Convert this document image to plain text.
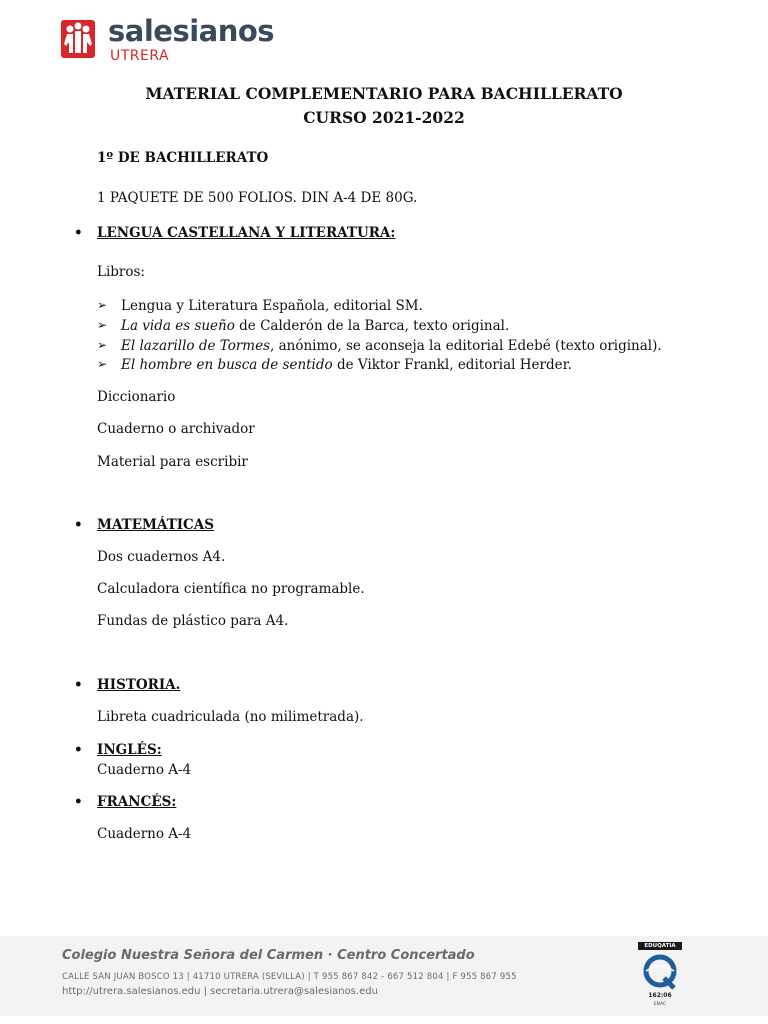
salesianos
UTRERA
MATERIAL COMPLEMENTARIO PARA BACHILLERATO
CURSO 2021-2022
1º DE BACHILLERATO
1 PAQUETE DE 500 FOLIOS. DIN A-4 DE 80G.
• LENGUA CASTELLANA Y LITERATURA:
Libros:
➢ Lengua y Literatura Española, editorial SM.
➢ La vida es sueño de Calderón de la Barca, texto original.
➢ El lazarillo de Tormes, anónimo, se aconseja la editorial Edebé (texto original).
➢ El hombre en busca de sentido de Viktor Frankl, editorial Herder.
Diccionario
Cuaderno o archivador
Material para escribir
• MATEMÁTICAS
Dos cuadernos A4.
Calculadora científica no programable.
Fundas de plástico para A4.
• HISTORIA.
Libreta cuadriculada (no milimetrada).
• INGLÉS:
Cuaderno A-4
• FRANCÉS:
Cuaderno A-4
Colegio Nuestra Señora del Carmen · Centro Concertado
CALLE SAN JUAN BOSCO 13 | 41710 UTRERA (SEVILLA) | T 955 867 842 - 667 512 804 | F 955 867 955
http://utrera.salesianos.edu | secretaria.utrera@salesianos.edu
EDUQATIA
162:06
ENAC
